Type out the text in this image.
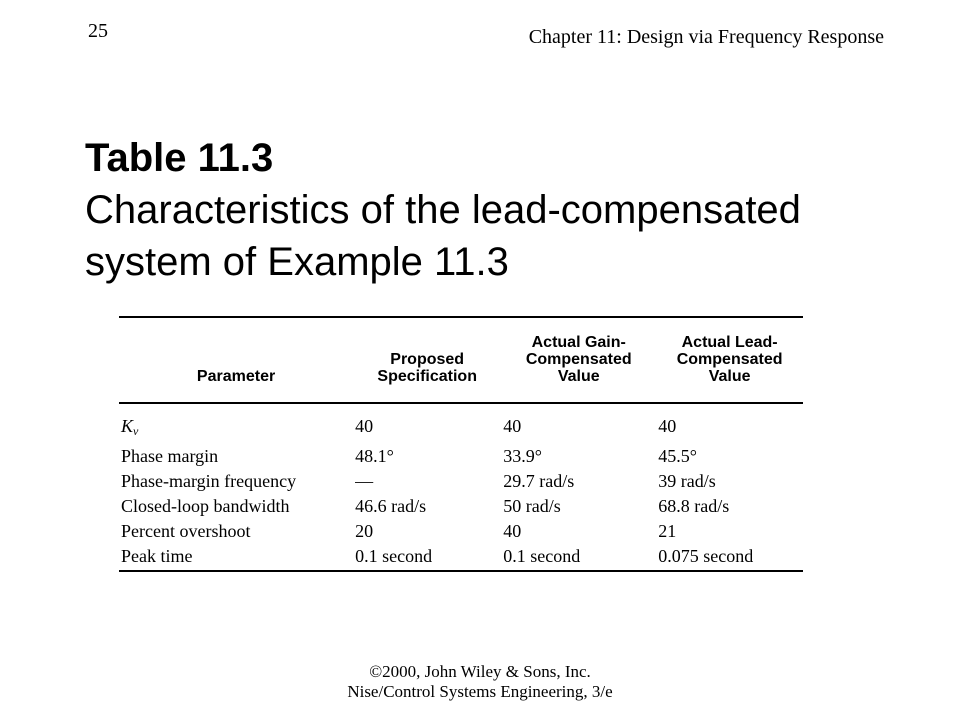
25	Chapter 11: Design via Frequency Response
Table 11.3
Characteristics of the lead-compensated system of Example 11.3
Parameter	Proposed Specification	Actual Gain-Compensated Value	Actual Lead-Compensated Value
Kv	40	40	40
Phase margin	48.1°	33.9°	45.5°
Phase-margin frequency	—	29.7 rad/s	39 rad/s
Closed-loop bandwidth	46.6 rad/s	50 rad/s	68.8 rad/s
Percent overshoot	20	40	21
Peak time	0.1 second	0.1 second	0.075 second
©2000, John Wiley & Sons, Inc.
Nise/Control Systems Engineering, 3/e
